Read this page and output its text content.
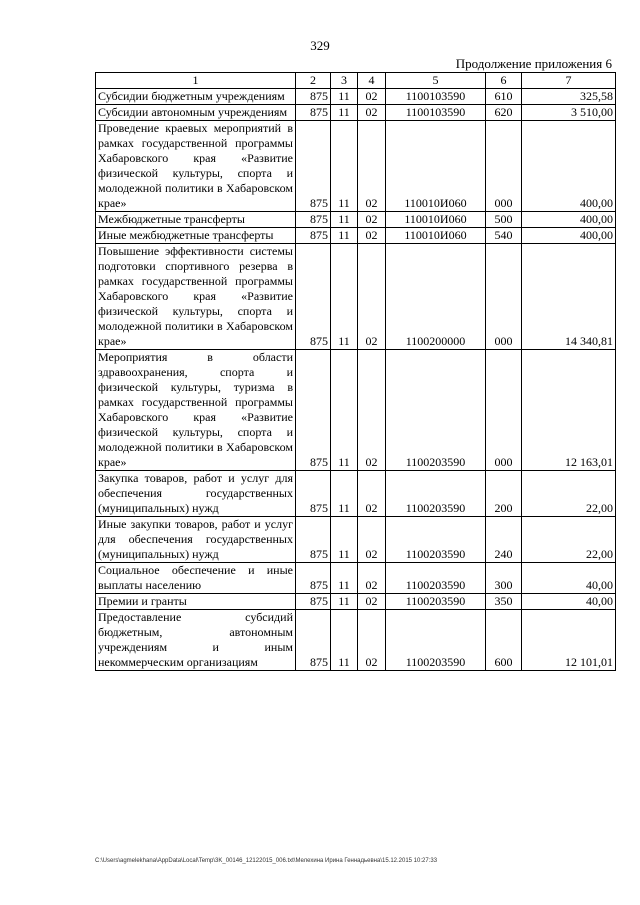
329
Продолжение приложения 6
1	2	3	4	5	6	7
Субсидии бюджетным учреждениям	875	11	02	1100103590	610	325,58
Субсидии автономным учреждениям	875	11	02	1100103590	620	3 510,00
Проведение краевых мероприятий в рамках государственной программы Хабаровского края «Развитие физической культуры, спорта и молодежной политики в Хабаровском крае»	875	11	02	110010И060	000	400,00
Межбюджетные трансферты	875	11	02	110010И060	500	400,00
Иные межбюджетные трансферты	875	11	02	110010И060	540	400,00
Повышение эффективности системы подготовки спортивного резерва в рамках государственной программы Хабаровского края «Развитие физической культуры, спорта и молодежной политики в Хабаровском крае»	875	11	02	1100200000	000	14 340,81
Мероприятия в области здравоохранения, спорта и физической культуры, туризма в рамках государственной программы Хабаровского края «Развитие физической культуры, спорта и молодежной политики в Хабаровском крае»	875	11	02	1100203590	000	12 163,01
Закупка товаров, работ и услуг для обеспечения государственных (муниципальных) нужд	875	11	02	1100203590	200	22,00
Иные закупки товаров, работ и услуг для обеспечения государственных (муниципальных) нужд	875	11	02	1100203590	240	22,00
Социальное обеспечение и иные выплаты населению	875	11	02	1100203590	300	40,00
Премии и гранты	875	11	02	1100203590	350	40,00
Предоставление субсидий бюджетным, автономным учреждениям и иным некоммерческим организациям	875	11	02	1100203590	600	12 101,01
C:\Users\agmelekhana\AppData\Local\Temp\3K_00146_12122015_006.txt\Мелехина Ирина Геннадьевна\15.12.2015 10:27:33
